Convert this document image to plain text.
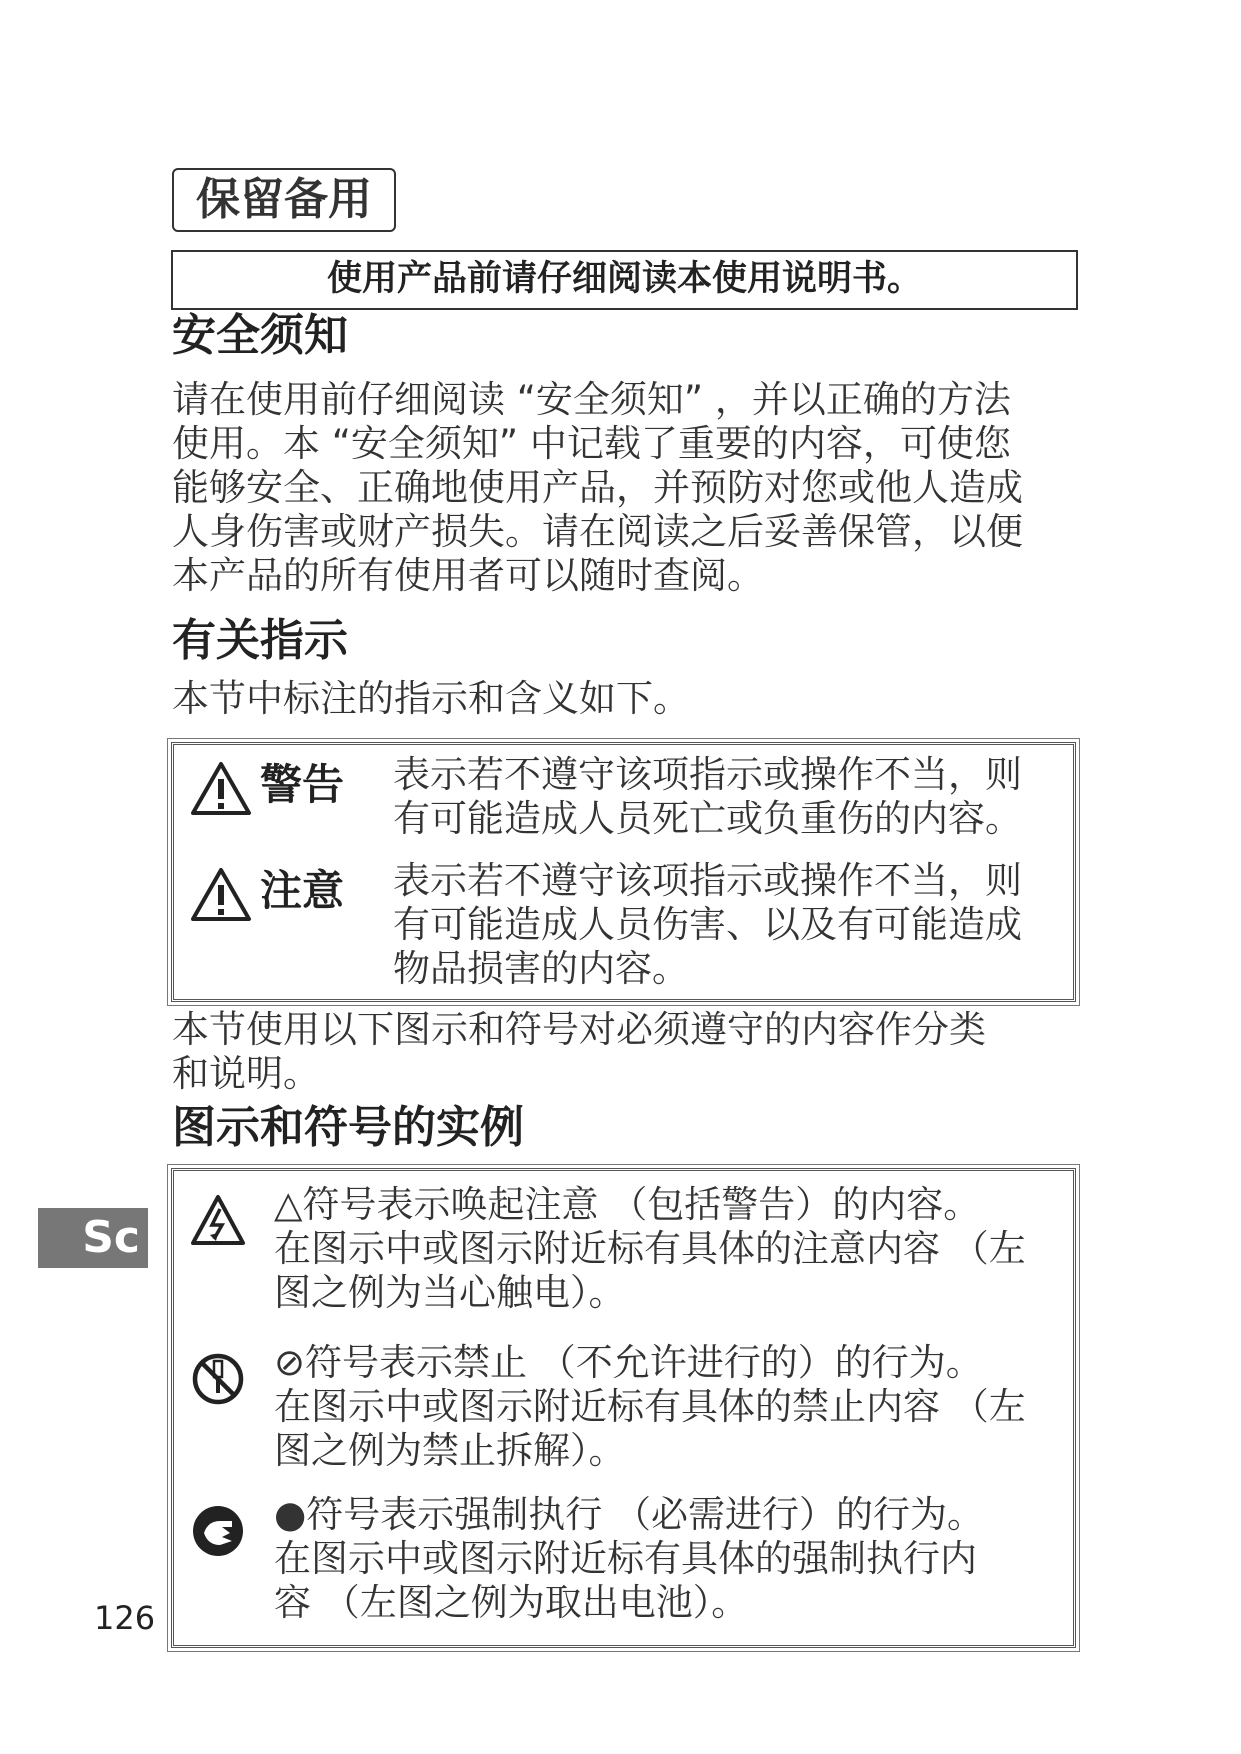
保留备用
使用产品前请仔细阅读本使用说明书。
安全须知

请在使用前仔细阅读 “安全须知” ，并以正确的方法
使用。本 “安全须知” 中记载了重要的内容，可使您
能够安全、正确地使用产品，并预防对您或他人造成
人身伤害或财产损失。请在阅读之后妥善保管，以便
本产品的所有使用者可以随时查阅。

有关指示

本节中标注的指示和含义如下。

警告 表示若不遵守该项指示或操作不当，则
有可能造成人员死亡或负重伤的内容。

注意 表示若不遵守该项指示或操作不当，则
有可能造成人员伤害、以及有可能造成
物品损害的内容。

本节使用以下图示和符号对必须遵守的内容作分类
和说明。

图示和符号的实例

△符号表示唤起注意 （包括警告）的内容。
在图示中或图示附近标有具体的注意内容 （左
图之例为当心触电）。

⊘符号表示禁止 （不允许进行的）的行为。
在图示中或图示附近标有具体的禁止内容 （左
图之例为禁止拆解）。

●符号表示强制执行 （必需进行）的行为。
在图示中或图示附近标有具体的强制执行内
容 （左图之例为取出电池）。

Sc
126
